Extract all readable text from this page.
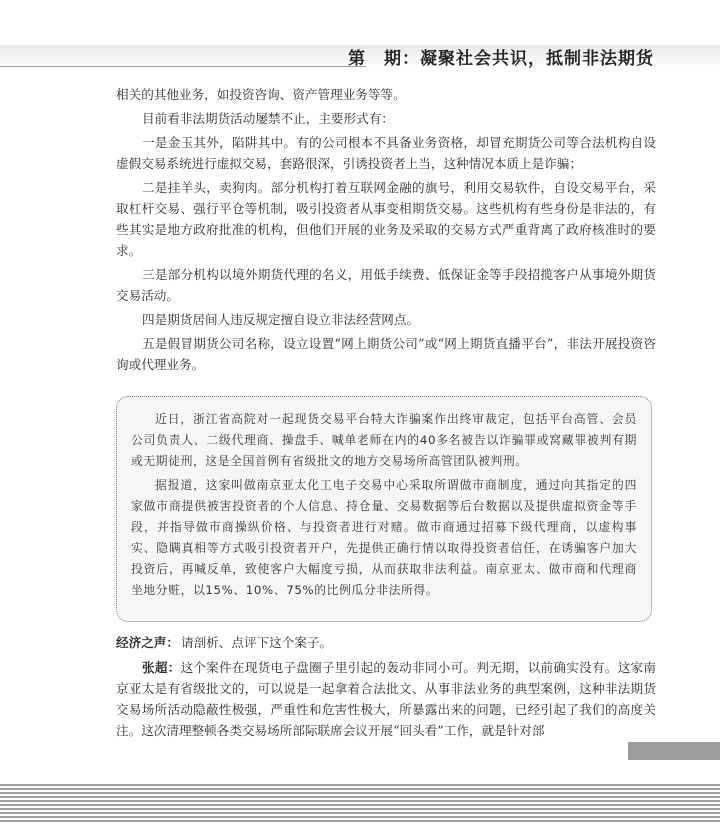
第　期：凝聚社会共识，抵制非法期货

相关的其他业务，如投资咨询、资产管理业务等等。

目前看非法期货活动屡禁不止，主要形式有：

一是金玉其外，陷阱其中。有的公司根本不具备业务资格，却冒充期货公司等合法机构自设虚假交易系统进行虚拟交易，套路很深，引诱投资者上当，这种情况本质上是诈骗；

二是挂羊头，卖狗肉。部分机构打着互联网金融的旗号，利用交易软件，自设交易平台，采取杠杆交易、强行平仓等机制，吸引投资者从事变相期货交易。这些机构有些身份是非法的，有些其实是地方政府批准的机构，但他们开展的业务及采取的交易方式严重背离了政府核准时的要求。

三是部分机构以境外期货代理的名义，用低手续费、低保证金等手段招揽客户从事境外期货交易活动。

四是期货居间人违反规定擅自设立非法经营网点。

五是假冒期货公司名称，设立设置“网上期货公司”或“网上期货直播平台”，非法开展投资咨询或代理业务。

近日，浙江省高院对一起现货交易平台特大诈骗案作出终审裁定，包括平台高管、会员公司负责人、二级代理商、操盘手、喊单老师在内的40多名被告以诈骗罪或窝藏罪被判有期或无期徒刑，这是全国首例有省级批文的地方交易场所高管团队被判刑。

据报道，这家叫做南京亚太化工电子交易中心采取所谓做市商制度，通过向其指定的四家做市商提供被害投资者的个人信息、持仓量、交易数据等后台数据以及提供虚拟资金等手段，并指导做市商操纵价格、与投资者进行对赌。做市商通过招募下级代理商，以虚构事实、隐瞒真相等方式吸引投资者开户，先提供正确行情以取得投资者信任，在诱骗客户加大投资后，再喊反单，致使客户大幅度亏损，从而获取非法利益。南京亚太、做市商和代理商坐地分赃，以15%、10%、75%的比例瓜分非法所得。

经济之声： 请剖析、点评下这个案子。

张超：这个案件在现货电子盘圈子里引起的轰动非同小可。判无期，以前确实没有。这家南京亚太是有省级批文的，可以说是一起拿着合法批文、从事非法业务的典型案例，这种非法期货交易场所活动隐蔽性极强，严重性和危害性极大，所暴露出来的问题，已经引起了我们的高度关注。这次清理整顿各类交易场所部际联席会议开展“回头看”工作，就是针对部
